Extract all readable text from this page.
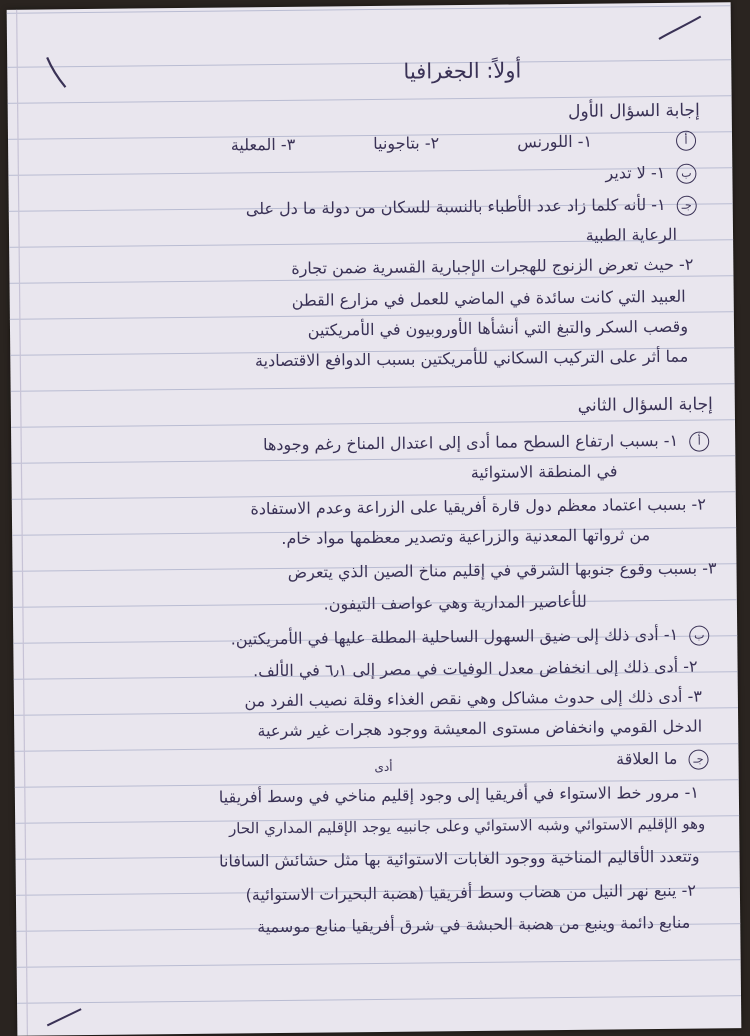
أولاً: الجغرافيا
إجابة السؤال الأول
أ
١- اللورنس
٢- بتاجونيا
٣- المعلية
ب ١- لا تدير
جـ ١- لأنه كلما زاد عدد الأطباء بالنسبة للسكان من دولة ما دل على
الرعاية الطبية
٢- حيث تعرض الزنوج للهجرات الإجبارية القسرية ضمن تجارة
العبيد التي كانت سائدة في الماضي للعمل في مزارع القطن
وقصب السكر والتبغ التي أنشأها الأوروبيون في الأمريكتين
مما أثر على التركيب السكاني للأمريكتين بسبب الدوافع الاقتصادية
إجابة السؤال الثاني
أ ١- بسبب ارتفاع السطح مما أدى إلى اعتدال المناخ رغم وجودها
في المنطقة الاستوائية
٢- بسبب اعتماد معظم دول قارة أفريقيا على الزراعة وعدم الاستفادة
من ثرواتها المعدنية والزراعية وتصدير معظمها مواد خام.
٣- بسبب وقوع جنوبها الشرقي في إقليم مناخ الصين الذي يتعرض
للأعاصير المدارية وهي عواصف التيفون.
ب ١- أدى ذلك إلى ضيق السهول الساحلية المطلة عليها في الأمريكتين.
٢- أدى ذلك إلى انخفاض معدل الوفيات في مصر إلى ٦٫١ في الألف.
٣- أدى ذلك إلى حدوث مشاكل وهي نقص الغذاء وقلة نصيب الفرد من
الدخل القومي وانخفاض مستوى المعيشة ووجود هجرات غير شرعية
جـ ما العلاقة
أدى
١- مرور خط الاستواء في أفريقيا إلى وجود إقليم مناخي في وسط أفريقيا
وهو الإقليم الاستوائي وشبه الاستوائي وعلى جانبيه يوجد الإقليم المداري الحار
وتتعدد الأقاليم المناخية ووجود الغابات الاستوائية بها مثل حشائش السافانا
٢- ينبع نهر النيل من هضاب وسط أفريقيا (هضبة البحيرات الاستوائية)
منابع دائمة وينبع من هضبة الحبشة في شرق أفريقيا منابع موسمية
